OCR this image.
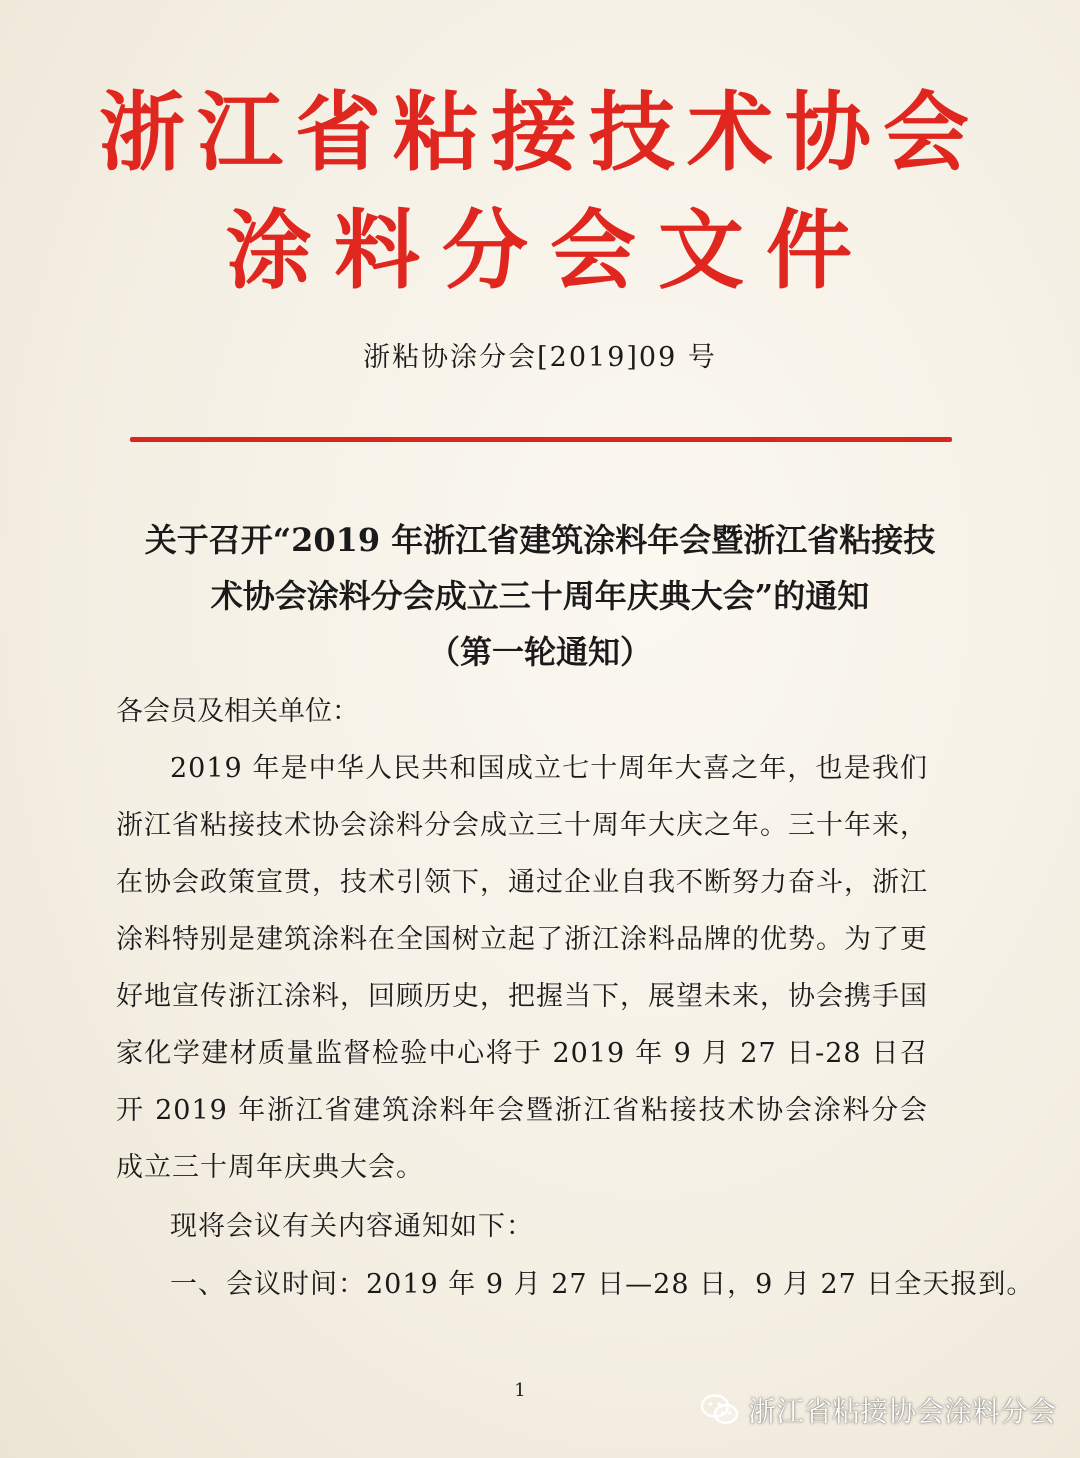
浙江省粘接技术协会
涂料分会文件
浙粘协涂分会[2019]09 号
关于召开“2019 年浙江省建筑涂料年会暨浙江省粘接技
术协会涂料分会成立三十周年庆典大会”的通知
（第一轮通知）
各会员及相关单位：
2019 年是中华人民共和国成立七十周年大喜之年，也是我们浙江省粘接技术协会涂料分会成立三十周年大庆之年。三十年来，在协会政策宣贯，技术引领下，通过企业自我不断努力奋斗，浙江涂料特别是建筑涂料在全国树立起了浙江涂料品牌的优势。为了更好地宣传浙江涂料，回顾历史，把握当下，展望未来，协会携手国家化学建材质量监督检验中心将于 2019 年 9 月 27 日-28 日召开 2019 年浙江省建筑涂料年会暨浙江省粘接技术协会涂料分会成立三十周年庆典大会。
现将会议有关内容通知如下：
一、会议时间：2019 年 9 月 27 日—28 日，9 月 27 日全天报到。
1
浙江省粘接协会涂料分会
